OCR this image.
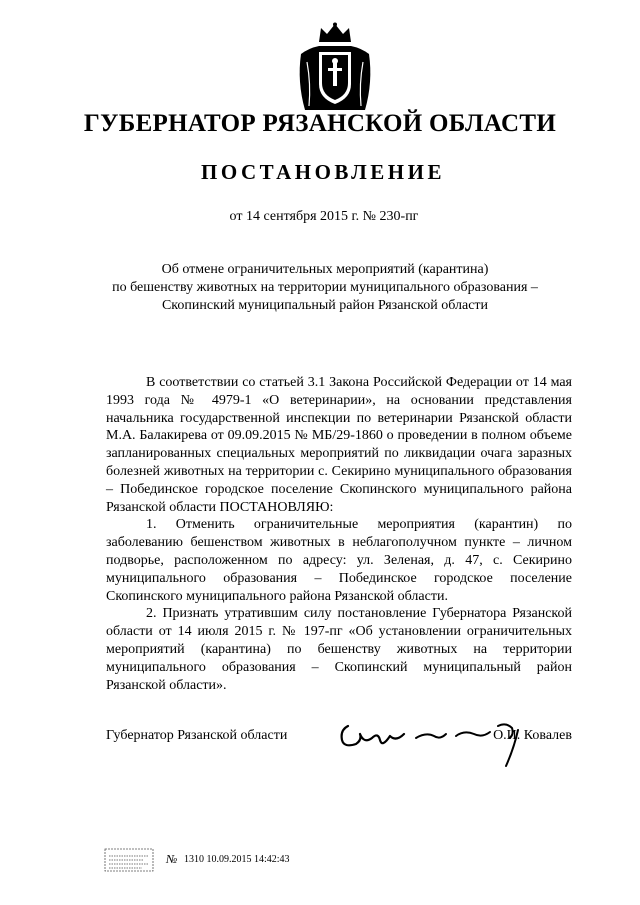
ГУБЕРНАТОР РЯЗАНСКОЙ ОБЛАСТИ
ПОСТАНОВЛЕНИЕ

от 14 сентября 2015 г. № 230-пг

Об отмене ограничительных мероприятий (карантина)
по бешенству животных на территории муниципального образования –
Скопинский муниципальный район Рязанской области

В соответствии со статьей 3.1 Закона Российской Федерации от 14 мая 1993 года № 4979-1 «О ветеринарии», на основании представления начальника государственной инспекции по ветеринарии Рязанской области М.А. Балакирева от 09.09.2015 № МБ/29-1860 о проведении в полном объеме запланированных специальных мероприятий по ликвидации очага заразных болезней животных на территории с. Секирино муниципального образования – Побединское городское поселение Скопинского муниципального района Рязанской области ПОСТАНОВЛЯЮ:

1. Отменить ограничительные мероприятия (карантин) по заболеванию бешенством животных в неблагополучном пункте – личном подворье, расположенном по адресу: ул. Зеленая, д. 47, с. Секирино муниципального образования – Побединское городское поселение Скопинского муниципального района Рязанской области.

2. Признать утратившим силу постановление Губернатора Рязанской области от 14 июля 2015 г. № 197-пг «Об установлении ограничительных мероприятий (карантина) по бешенству животных на территории муниципального образования – Скопинский муниципальный район Рязанской области».

Губернатор Рязанской области	О.И. Ковалев

№ 1310 10.09.2015 14:42:43
